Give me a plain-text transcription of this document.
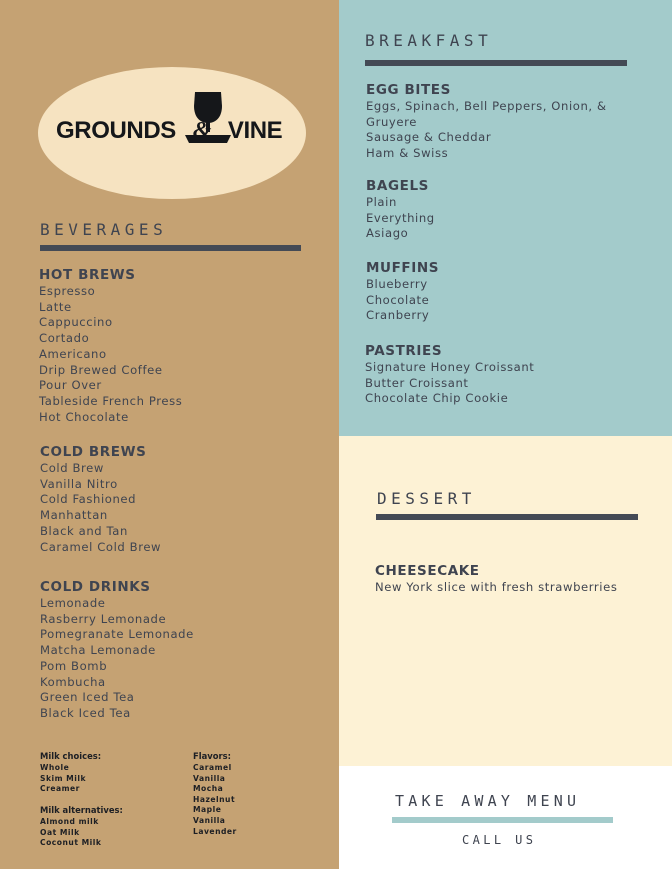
GROUNDS & VINE
BEVERAGES
HOT BREWS
Espresso
Latte
Cappuccino
Cortado
Americano
Drip Brewed Coffee
Pour Over
Tableside French Press
Hot Chocolate
COLD BREWS
Cold Brew
Vanilla Nitro
Cold Fashioned
Manhattan
Black and Tan
Caramel Cold Brew
COLD DRINKS
Lemonade
Rasberry Lemonade
Pomegranate Lemonade
Matcha Lemonade
Pom Bomb
Kombucha
Green Iced Tea
Black Iced Tea
Milk choices:
Whole
Skim Milk
Creamer
Milk alternatives:
Almond milk
Oat Milk
Coconut Milk
Flavors:
Caramel
Vanilla
Mocha
Hazelnut
Maple
Vanilla
Lavender
BREAKFAST
EGG BITES
Eggs, Spinach, Bell Peppers, Onion, &
Gruyere
Sausage & Cheddar
Ham & Swiss
BAGELS
Plain
Everything
Asiago
MUFFINS
Blueberry
Chocolate
Cranberry
PASTRIES
Signature Honey Croissant
Butter Croissant
Chocolate Chip Cookie
DESSERT
CHEESECAKE
New York slice with fresh strawberries
TAKE AWAY MENU
CALL US
